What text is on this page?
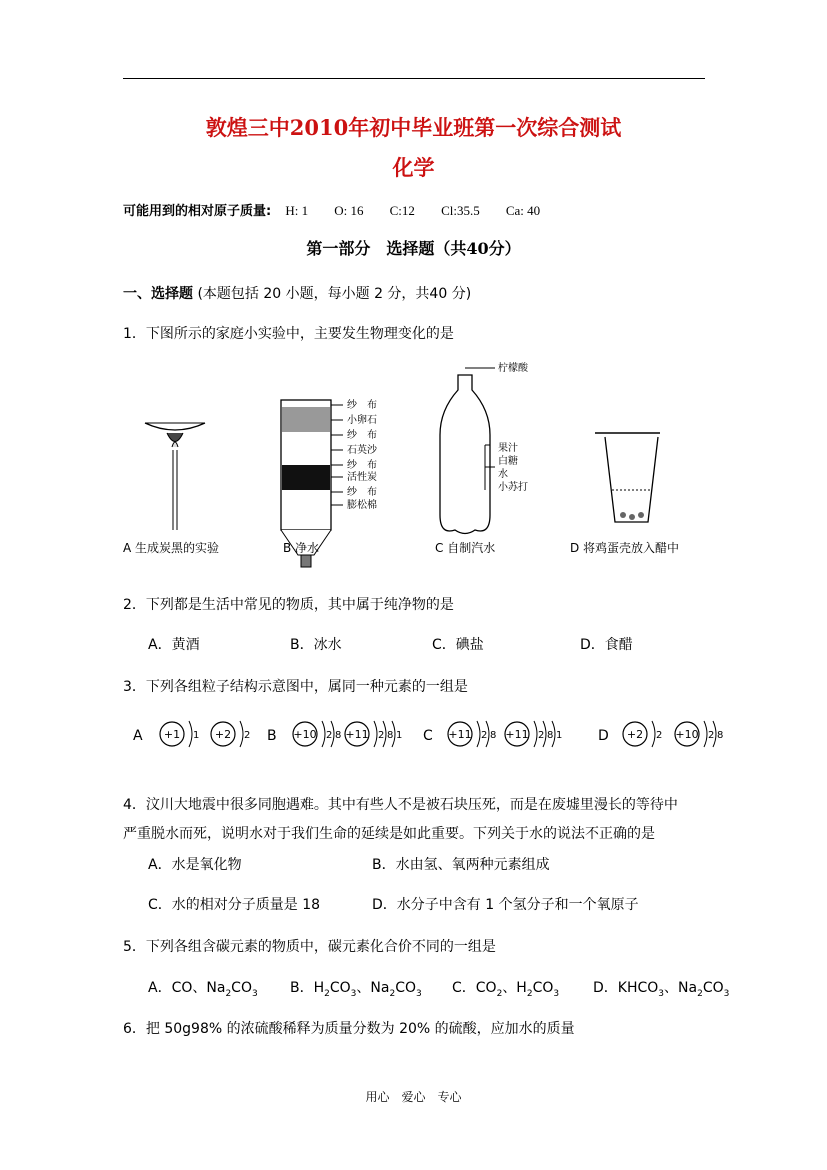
敦煌三中2010年初中毕业班第一次综合测试
化学
可能用到的相对原子质量: H: 1 O: 16 C:12 Cl:35.5 Ca: 40
第一部分　选择题（共40分）
一、选择题 (本题包括 20 小题，每小题 2 分，共40 分)
1．下图所示的家庭小实验中，主要发生物理变化的是
纱　布
小卵石
纱　布
石英沙
纱　布
活性炭
纱　布
膨松棉
柠檬酸
果汁
白糖
水
小苏打
A 生成炭黑的实验	B 净水	C 自制汽水	D 将鸡蛋壳放入醋中
2．下列都是生活中常见的物质，其中属于纯净物的是
A．黄酒	B．冰水	C．碘盐	D．食醋
3．下列各组粒子结构示意图中，属同一种元素的一组是
A	B	C	D
+1 1 +2 2	+10 2 8 +11 2 8 1	+11 2 8 +11 2 8 1	+2 2 +10 2 8
4．汶川大地震中很多同胞遇难。其中有些人不是被石块压死，而是在废墟里漫长的等待中
严重脱水而死，说明水对于我们生命的延续是如此重要。下列关于水的说法不正确的是
A．水是氧化物	B．水由氢、氧两种元素组成
C．水的相对分子质量是 18	D．水分子中含有 1 个氢分子和一个氧原子
5．下列各组含碳元素的物质中，碳元素化合价不同的一组是
A．CO、$Na_2CO_3$ B．$H_2CO_3$、$Na_2CO_3$ C．$CO_2$、$H_2CO_3$ D．$KHCO_3$、$Na_2CO_3$
6．把 50g98% 的浓硫酸稀释为质量分数为 20% 的硫酸，应加水的质量
用心　爱心　专心
